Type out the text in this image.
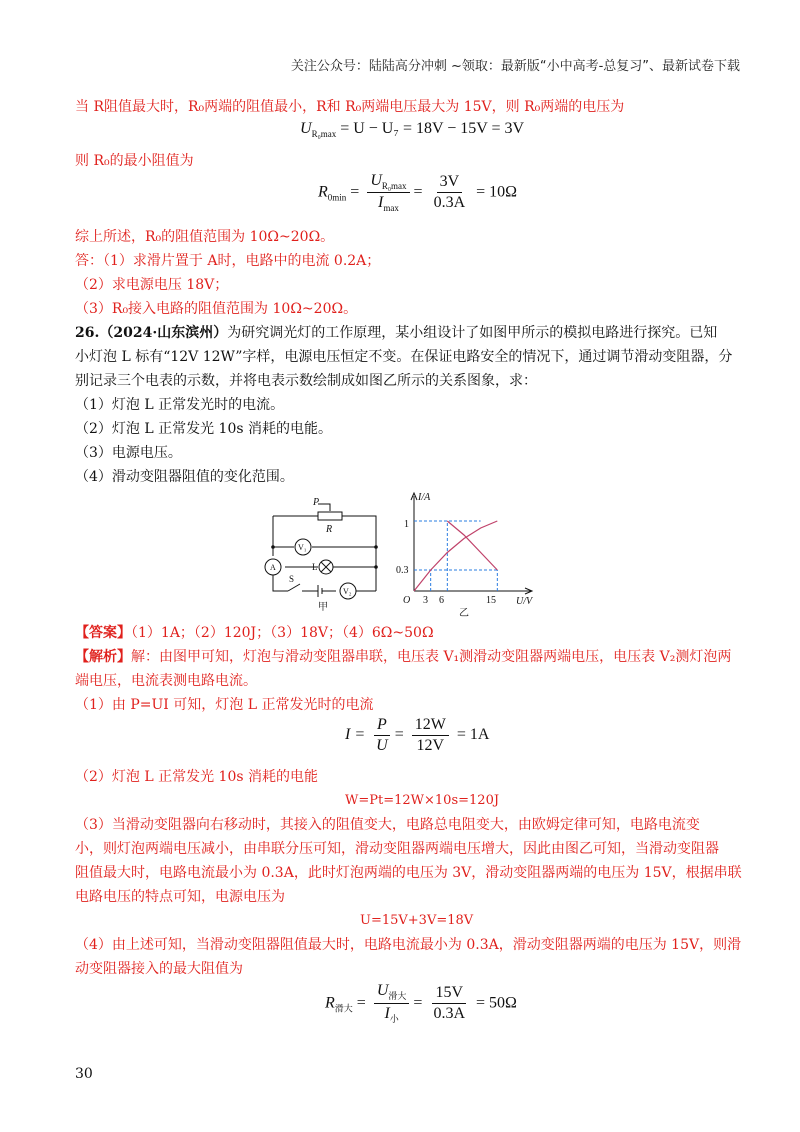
关注公众号：陆陆高分冲刺 ~领取：最新版“小中高考-总复习”、最新试卷下载
当 R阻值最大时，R₀两端的阻值最小，R和 R₀两端电压最大为 15V，则 R₀两端的电压为
$U_{R_0max} = U - U_7 = 18V - 15V = 3V$
则 R₀的最小阻值为
$R_{0min} = \frac{U_{R_0max}}{I_{max}} = \frac{3V}{0.3A} = 10\Omega$
综上所述，R₀的阻值范围为 10Ω~20Ω。
答：（1）求滑片置于 A时，电路中的电流 0.2A；
（2）求电源电压 18V；
（3）R₀接入电路的阻值范围为 10Ω~20Ω。
26.（2024·山东滨州）为研究调光灯的工作原理，某小组设计了如图甲所示的模拟电路进行探究。已知
小灯泡 L 标有“12V 12W”字样，电源电压恒定不变。在保证电路安全的情况下，通过调节滑动变阻器，分
别记录三个电表的示数，并将电表示数绘制成如图乙所示的关系图象，求：
（1）灯泡 L 正常发光时的电流。
（2）灯泡 L 正常发光 10s 消耗的电能。
（3）电源电压。
（4）滑动变阻器阻值的变化范围。
P
R
V₁
A	L
S
V₂
甲
I/A
U/V
O
1
0.3
3 6	15
乙
【答案】（1）1A；（2）120J；（3）18V；（4）6Ω~50Ω
【解析】解：由图甲可知，灯泡与滑动变阻器串联，电压表 V₁测滑动变阻器两端电压，电压表 V₂测灯泡两
端电压，电流表测电路电流。
（1）由 P=UI 可知，灯泡 L 正常发光时的电流
$I = \frac{P}{U} = \frac{12W}{12V} = 1A$
（2）灯泡 L 正常发光 10s 消耗的电能
W=Pt=12W×10s=120J
（3）当滑动变阻器向右移动时，其接入的阻值变大，电路总电阻变大，由欧姆定律可知，电路电流变
小，则灯泡两端电压减小，由串联分压可知，滑动变阻器两端电压增大，因此由图乙可知，当滑动变阻器
阻值最大时，电路电流最小为 0.3A，此时灯泡两端的电压为 3V，滑动变阻器两端的电压为 15V，根据串联
电路电压的特点可知，电源电压为
U=15V+3V=18V
（4）由上述可知，当滑动变阻器阻值最大时，电路电流最小为 0.3A，滑动变阻器两端的电压为 15V，则滑
动变阻器接入的最大阻值为
$R_{滑大} = \frac{U_{滑大}}{I_小} = \frac{15V}{0.3A} = 50\Omega$
30
